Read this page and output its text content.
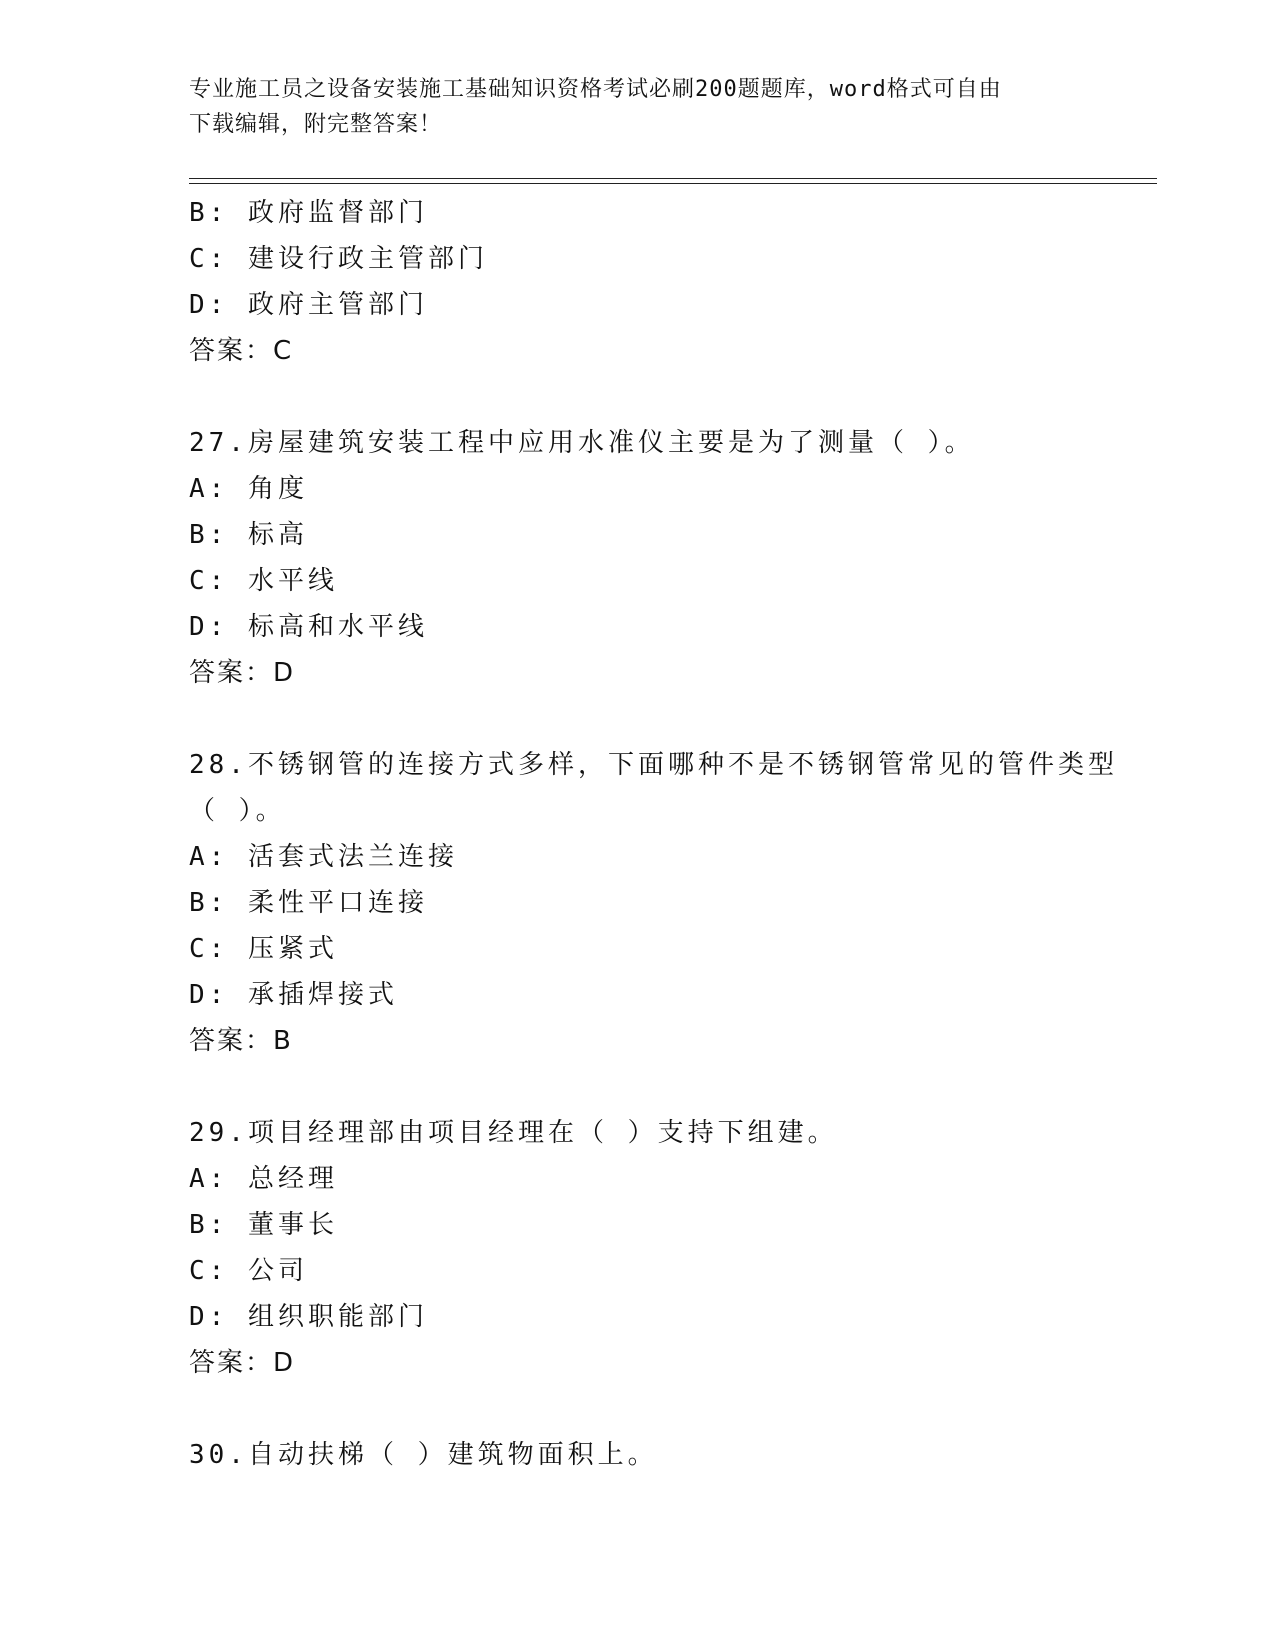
专业施工员之设备安装施工基础知识资格考试必刷200题题库，word格式可自由
下载编辑，附完整答案！
B: 政府监督部门
C: 建设行政主管部门
D: 政府主管部门
答案：C
27.房屋建筑安装工程中应用水准仪主要是为了测量（ ）。
A: 角度
B: 标高
C: 水平线
D: 标高和水平线
答案：D
28.不锈钢管的连接方式多样，下面哪种不是不锈钢管常见的管件类型
（ ）。
A: 活套式法兰连接
B: 柔性平口连接
C: 压紧式
D: 承插焊接式
答案：B
29.项目经理部由项目经理在（ ）支持下组建。
A: 总经理
B: 董事长
C: 公司
D: 组织职能部门
答案：D
30.自动扶梯（ ）建筑物面积上。
